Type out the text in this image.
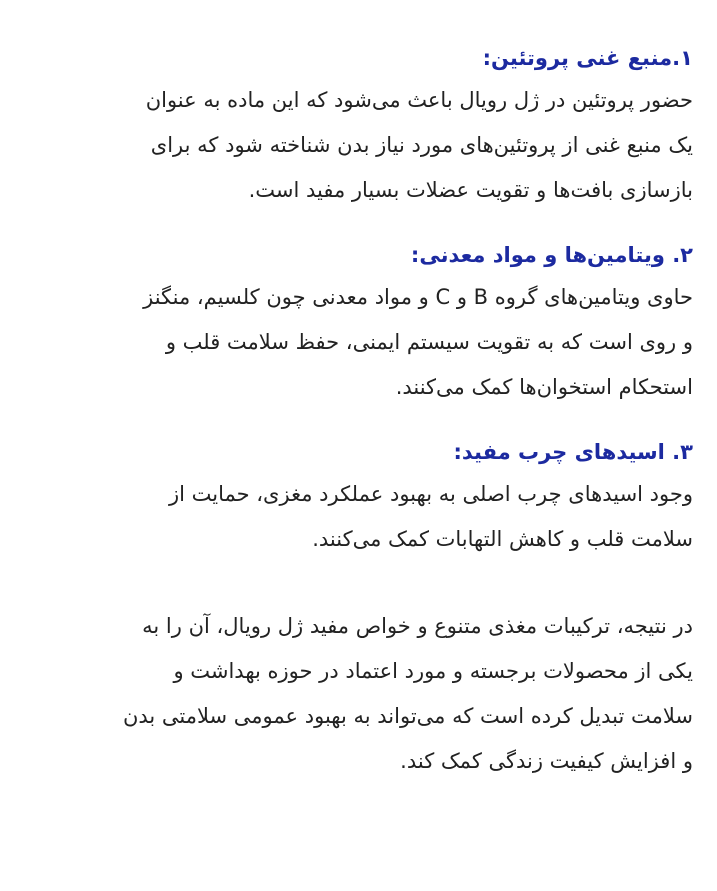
۱.منبع غنی پروتئین:
حضور پروتئین در ژل رویال باعث می‌شود که این ماده به عنوان
یک منبع غنی از پروتئین‌های مورد نیاز بدن شناخته شود که برای
بازسازی بافت‌ها و تقویت عضلات بسیار مفید است.
۲. ویتامین‌ها و مواد معدنی:
حاوی ویتامین‌های گروه B و C و مواد معدنی چون کلسیم، منگنز
و روی است که به تقویت سیستم ایمنی، حفظ سلامت قلب و
استحکام استخوان‌ها کمک می‌کنند.
۳. اسیدهای چرب مفید:
وجود اسیدهای چرب اصلی به بهبود عملکرد مغزی، حمایت از
سلامت قلب و کاهش التهابات کمک می‌کنند.
در نتیجه، ترکیبات مغذی متنوع و خواص مفید ژل رویال، آن را به
یکی از محصولات برجسته و مورد اعتماد در حوزه بهداشت و
سلامت تبدیل کرده است که می‌تواند به بهبود عمومی سلامتی بدن
و افزایش کیفیت زندگی کمک کند.
